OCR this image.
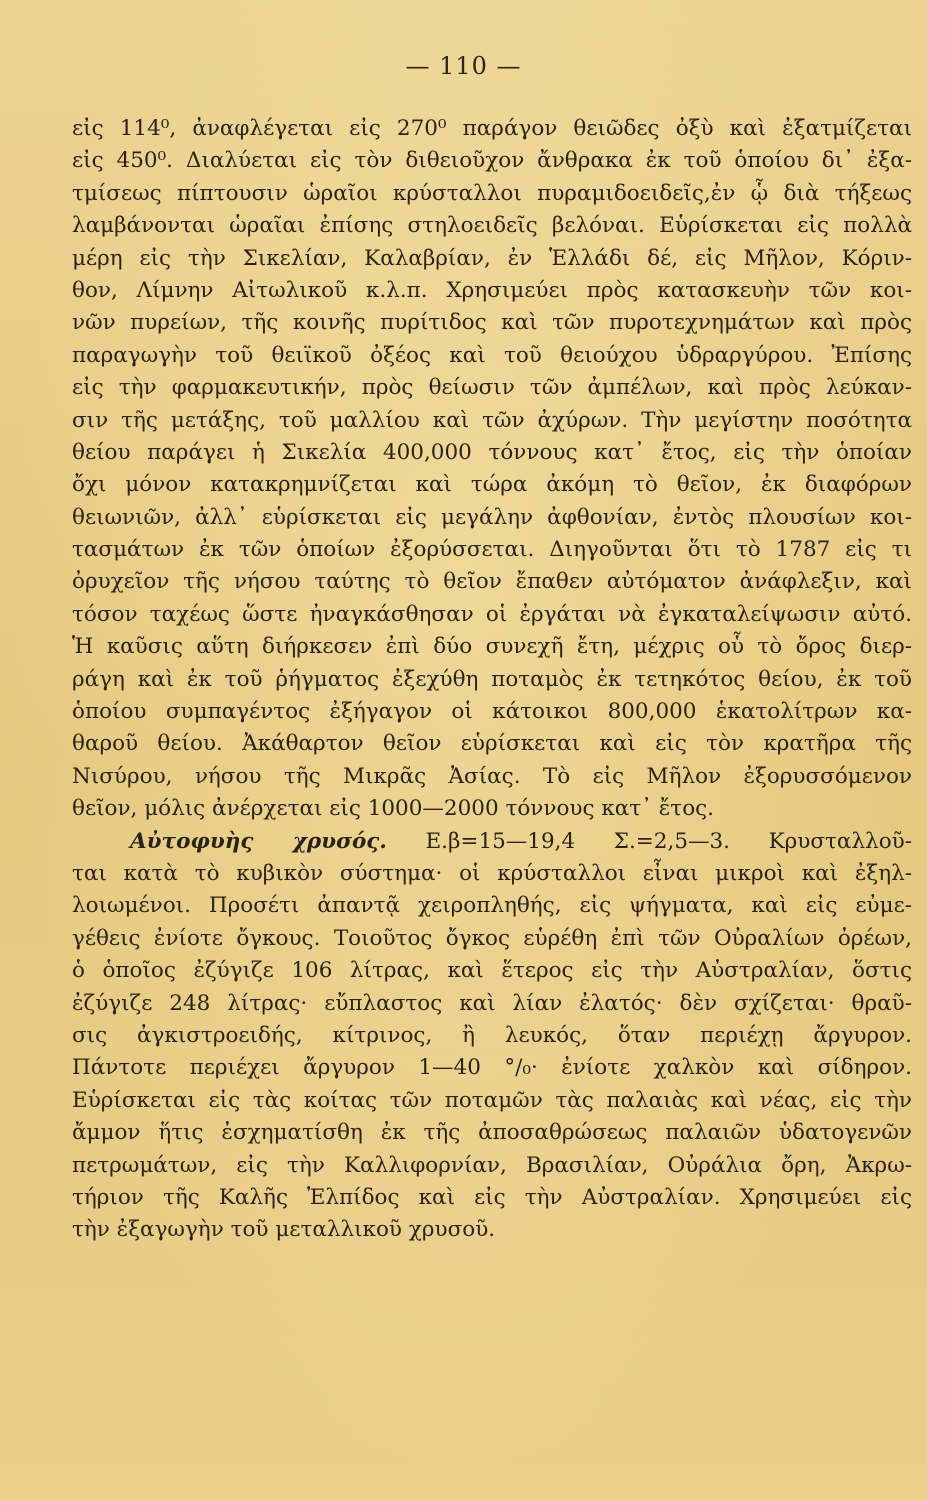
— 110 —
εἰς 114⁰, ἀναφλέγεται εἰς 270⁰ παράγον θειῶδες ὀξὺ καὶ ἐξατμίζεται
εἰς 450⁰. Διαλύεται εἰς τὸν διθειοῦχον ἄνθρακα ἐκ τοῦ ὁποίου δι᾽ ἐξα-
τμίσεως πίπτουσιν ὡραῖοι κρύσταλλοι πυραμιδοειδεῖς,ἐν ᾧ διὰ τήξεως
λαμβάνονται ὡραῖαι ἐπίσης στηλοειδεῖς βελόναι. Εὑρίσκεται εἰς πολλὰ
μέρη εἰς τὴν Σικελίαν, Καλαβρίαν, ἐν Ἑλλάδι δέ, εἰς Μῆλον, Κόριν-
θον, Λίμνην Αἰτωλικοῦ κ.λ.π. Χρησιμεύει πρὸς κατασκευὴν τῶν κοι-
νῶν πυρείων, τῆς κοινῆς πυρίτιδος καὶ τῶν πυροτεχνημάτων καὶ πρὸς
παραγωγὴν τοῦ θειϊκοῦ ὀξέος καὶ τοῦ θειούχου ὑδραργύρου. Ἐπίσης
εἰς τὴν φαρμακευτικήν, πρὸς θείωσιν τῶν ἀμπέλων, καὶ πρὸς λεύκαν-
σιν τῆς μετάξης, τοῦ μαλλίου καὶ τῶν ἀχύρων. Τὴν μεγίστην ποσότητα
θείου παράγει ἡ Σικελία 400,000 τόννους κατ᾽ ἔτος, εἰς τὴν ὁποίαν
ὄχι μόνον κατακρημνίζεται καὶ τώρα ἀκόμη τὸ θεῖον, ἐκ διαφόρων
θειωνιῶν, ἀλλ᾽ εὑρίσκεται εἰς μεγάλην ἀφθονίαν, ἐντὸς πλουσίων κοι-
τασμάτων ἐκ τῶν ὁποίων ἐξορύσσεται. Διηγοῦνται ὅτι τὸ 1787 εἰς τι
ὀρυχεῖον τῆς νήσου ταύτης τὸ θεῖον ἔπαθεν αὐτόματον ἀνάφλεξιν, καὶ
τόσον ταχέως ὥστε ἠναγκάσθησαν οἱ ἐργάται νὰ ἐγκαταλείψωσιν αὐτό.
Ἡ καῦσις αὕτη διήρκεσεν ἐπὶ δύο συνεχῆ ἔτη, μέχρις οὗ τὸ ὄρος διερ-
ράγη καὶ ἐκ τοῦ ῥήγματος ἐξεχύθη ποταμὸς ἐκ τετηκότος θείου, ἐκ τοῦ
ὁποίου συμπαγέντος ἐξήγαγον οἱ κάτοικοι 800,000 ἑκατολίτρων κα-
θαροῦ θείου. Ἀκάθαρτον θεῖον εὑρίσκεται καὶ εἰς τὸν κρατῆρα τῆς
Νισύρου, νήσου τῆς Μικρᾶς Ἀσίας. Τὸ εἰς Μῆλον ἐξορυσσόμενον
θεῖον, μόλις ἀνέρχεται εἰς 1000—2000 τόννους κατ᾽ ἔτος.
Αὐτοφυὴς χρυσός. Ε.β=15—19,4 Σ.=2,5—3. Κρυσταλλοῦ-
ται κατὰ τὸ κυβικὸν σύστημα· οἱ κρύσταλλοι εἶναι μικροὶ καὶ ἐξηλ-
λοιωμένοι. Προσέτι ἀπαντᾷ χειροπληθής, εἰς ψήγματα, καὶ εἰς εὐμε-
γέθεις ἐνίοτε ὄγκους. Τοιοῦτος ὄγκος εὑρέθη ἐπὶ τῶν Οὐραλίων ὀρέων,
ὁ ὁποῖος ἐζύγιζε 106 λίτρας, καὶ ἕτερος εἰς τὴν Αὐστραλίαν, ὅστις
ἐζύγιζε 248 λίτρας· εὔπλαστος καὶ λίαν ἐλατός· δὲν σχίζεται· θραῦ-
σις ἀγκιστροειδής, κίτρινος, ἢ λευκός, ὅταν περιέχῃ ἄργυρον.
Πάντοτε περιέχει ἄργυρον 1—40 °/₀· ἐνίοτε χαλκὸν καὶ σίδηρον.
Εὑρίσκεται εἰς τὰς κοίτας τῶν ποταμῶν τὰς παλαιὰς καὶ νέας, εἰς τὴν
ἄμμον ἥτις ἐσχηματίσθη ἐκ τῆς ἀποσαθρώσεως παλαιῶν ὑδατογενῶν
πετρωμάτων, εἰς τὴν Καλλιφορνίαν, Βρασιλίαν, Οὐράλια ὄρη, Ἀκρω-
τήριον τῆς Καλῆς Ἐλπίδος καὶ εἰς τὴν Αὐστραλίαν. Χρησιμεύει εἰς
τὴν ἐξαγωγὴν τοῦ μεταλλικοῦ χρυσοῦ.
